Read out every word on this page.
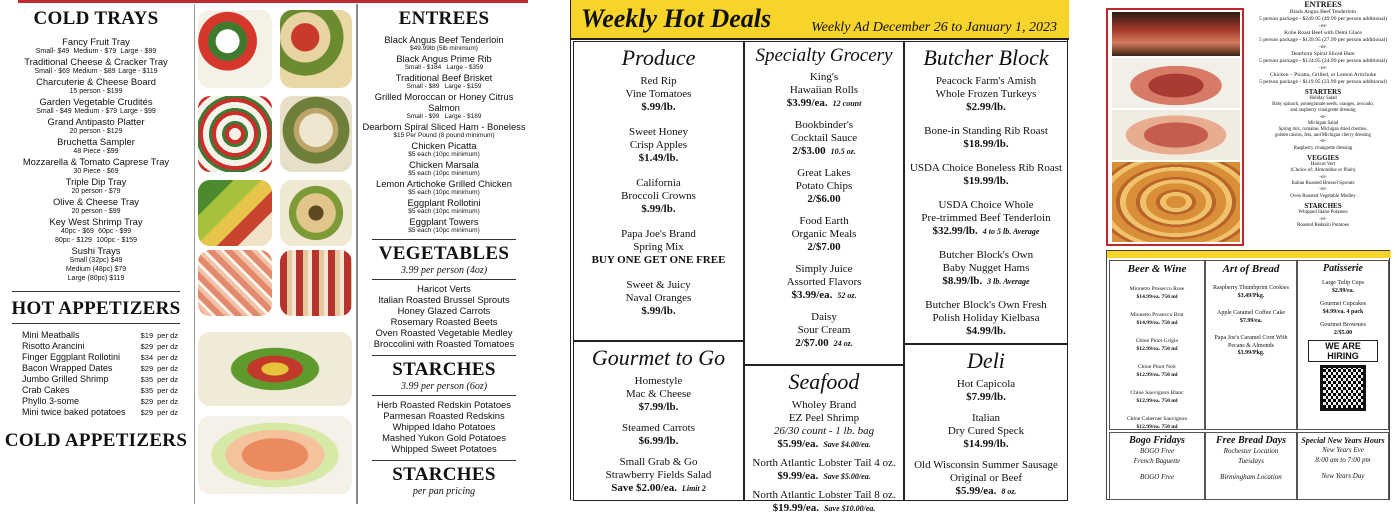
COLD TRAYS
Fancy Fruit Tray
Small- $49   Medium - $79   Large - $99
Traditional Cheese & Cracker Tray
Small - $69  Medium - $89  Large - $119
Charcuterie & Cheese Board
15 person - $199
Garden Vegetable Crudités
Small - $49  Medium - $79  Large - $99
Grand Antipasto Platter
20 person - $129
Bruchetta Sampler
48 Piece - $99
Mozzarella & Tomato Caprese Tray
30 Piece - $69
Triple Dip Tray
20 person - $79
Olive & Cheese Tray
20 person - $99
Key West Shrimp Tray
40pc - $69   60pc - $99
80pc - $129   100pc - $159
Sushi Trays
Small (32pc) $49
Medium (48pc) $79
Large (80pc) $119
HOT APPETIZERS
Mini Meatballs	$19 per dz
Risotto Arancini	$29 per dz
Finger Eggplant Rollotini	$34 per dz
Bacon Wrapped Dates	$29 per dz
Jumbo Grilled Shrimp	$35 per dz
Crab Cakes	$35 per dz
Phyllo 3-some	$29 per dz
Mini twice baked potatoes $29 per dz
COLD APPETIZERS
ENTREES
Black Angus Beef Tenderloin
$49.99lb (5lb minimum)
Black Angus Prime Rib
Small - $184    Large - $359
Traditional Beef Brisket
Small - $89    Large - $159
Grilled Moroccan or Honey Citrus Salmon
Small - $99    Large - $189
Dearborn Spiral Sliced Ham - Boneless
$15 Per Pound (8 pound minimum)
Chicken Picatta
$5 each (10pc minimum)
Chicken Marsala
$5 each (10pc minimum)
Lemon Artichoke Grilled Chicken
$5 each (10pc minimum)
Eggplant Rollotini
$5 each (10pc minimum)
Eggplant Towers
$5 each (10pc minimum)
VEGETABLES
3.99 per person (4oz)
Haricot Verts
Italian Roasted Brussel Sprouts
Honey Glazed Carrots
Rosemary Roasted Beets
Oven Roasted Vegetable Medley
Broccolini with Roasted Tomatoes
STARCHES
3.99 per person (6oz)
Herb Roasted Redskin Potatoes
Parmesan Roasted Redskins
Whipped Idaho Potatoes
Mashed Yukon Gold Potatoes
Whipped Sweet Potatoes
STARCHES
per pan pricing
Weekly Hot Deals	Weekly Ad December 26 to January 1, 2023
Produce
Red Rip
Vine Tomatoes
$.99/lb.
Sweet Honey
Crisp Apples
$1.49/lb.
California
Broccoli Crowns
$.99/lb.
Papa Joe's Brand
Spring Mix
BUY ONE GET ONE FREE
Sweet & Juicy
Naval Oranges
$.99/lb.
Gourmet to Go
Homestyle
Mac & Cheese
$7.99/lb.
Steamed Carrots
$6.99/lb.
Small Grab & Go
Strawberry Fields Salad
Save $2.00/ea. Limit 2
Specialty Grocery
King's
Hawaiian Rolls
$3.99/ea. 12 count
Bookbinder's
Cocktail Sauce
2/$3.00 10.5 oz.
Great Lakes
Potato Chips
2/$6.00
Food Earth
Organic Meals
2/$7.00
Simply Juice
Assorted Flavors
$3.99/ea. 52 oz.
Daisy
Sour Cream
2/$7.00 24 oz.
Seafood
Wholey Brand
EZ Peel Shrimp
26/30 count - 1 lb. bag
$5.99/ea. Save $4.00/ea.
North Atlantic Lobster Tail 4 oz.
$9.99/ea. Save $5.00/ea.
North Atlantic Lobster Tail 8 oz.
$19.99/ea. Save $10.00/ea.
Butcher Block
Peacock Farm's Amish
Whole Frozen Turkeys
$2.99/lb.
Bone-in Standing Rib Roast
$18.99/lb.
USDA Choice Boneless Rib Roast
$19.99/lb.
USDA Choice Whole
Pre-trimmed Beef Tenderloin
$32.99/lb. 4 to 5 lb. Average
Butcher Block's Own
Baby Nugget Hams
$8.99/lb. 3 lb. Average
Butcher Block's Own Fresh
Polish Holiday Kielbasa
$4.99/lb.
Deli
Hot Capicola
$7.99/lb.
Italian
Dry Cured Speck
$14.99/lb.
Old Wisconsin Summer Sausage
Original or Beef
$5.99/ea. 8 oz.
ENTREES
Black Angus Beef Tenderloin
5 person package - $249.95 (49.99 per person additional)
-or-
Kobe Roast Beef with Demi Glace
5 person package - $139.95 (27.99 per person additional)
-or-
Dearborn Spiral Sliced Ham
5 person package - $124.95 (24.99 per person additional)
-or-
Chicken – Picatta, Grilled, or Lemon Artichoke
5 person package - $119.95 (23.99 per person additional)
STARTERS
Holiday Salad
Baby spinach, pomegranate seeds, oranges, avocado,
and raspberry vinaigrette dressing
-or-
Michigan Salad
Spring mix, romaine, Michigan dried cherries,
golden raisins, feta, and Michigan cherry dressing
-or-
Raspberry vinaigrette dressing
VEGGIES
Haricot Vert
(Choice of: Almondine or Plain)
-or-
Italian Roasted Brussel Sprouts
-or-
Oven Roasted Vegetable Medley
STARCHES
Whipped Idaho Potatoes
-or-
Roasted Redskin Potatoes
Beer & Wine
Mionetto Prosecco Rose
$14.99/ea. 750 ml
Mionetto Prosecco Brut
$14.99/ea. 750 ml
Chloe Pinot Grigio
$12.99/ea. 750 ml
Chloe Pinot Noir
$12.99/ea. 750 ml
Chloe Sauvignon Blanc
$12.99/ea. 750 ml
Chloe Cabernet Sauvignon
$12.99/ea. 750 ml
Art of Bread
Raspberry Thumbprint Cookies
$3.49/Pkg.
Apple Caramel Coffee Cake
$7.99/ea.
Papa Joe's Caramel Corn With Pecans & Almonds
$3.99/Pkg.
Patisserie
Large Tulip Cups
$2.99/ea.
Gourmet Cupcakes
$4.99/ea. 4 pack
Gourmet Brownies
2/$5.00
WE ARE HIRING
Bogo Fridays
BOGO Free
French Baguette
BOGO Free
Free Bread Days
Rochester Location
Tuesdays
Birmingham Location
Special New Years Hours
New Years Eve
8:00 am to 7:00 pm
New Years Day
